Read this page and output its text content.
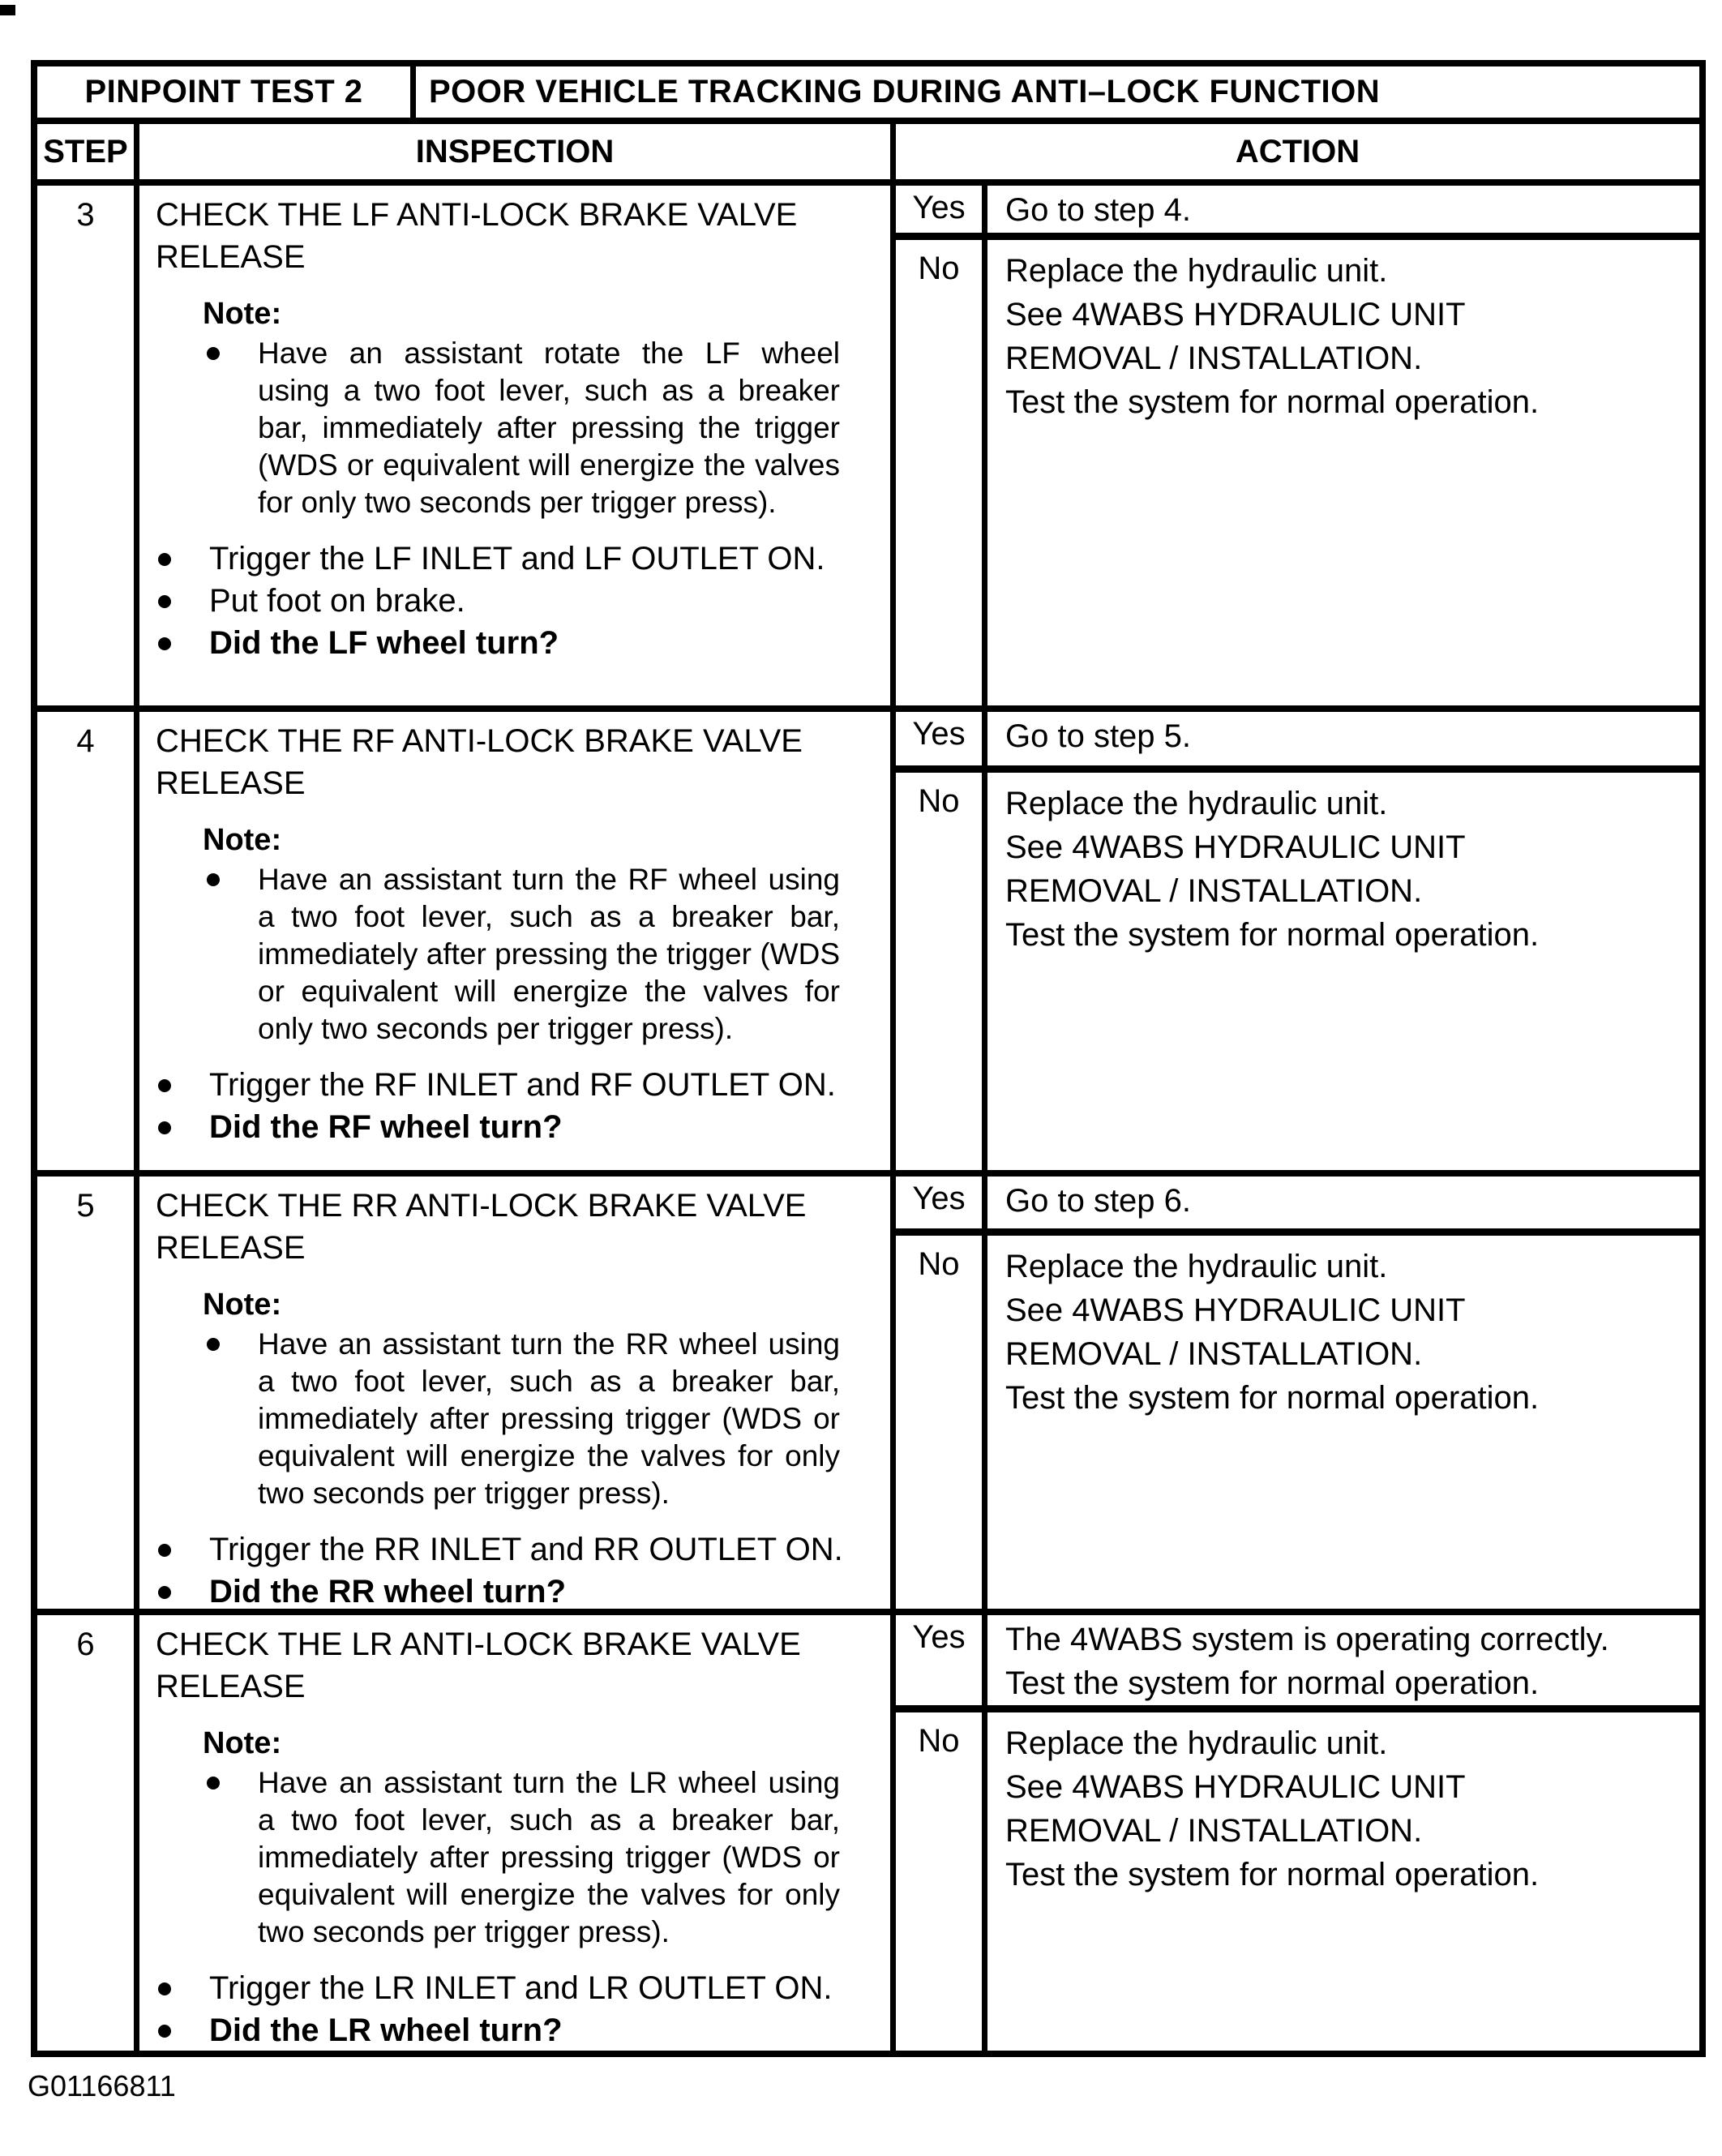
PINPOINT TEST 2 POOR VEHICLE TRACKING DURING ANTI–LOCK FUNCTION
STEP	INSPECTION	ACTION
3	CHECK THE LF ANTI-LOCK BRAKE VALVE RELEASE
Note:
Have an assistant rotate the LF wheel using a two foot lever, such as a breaker bar, immediately after pressing the trigger (WDS or equivalent will energize the valves for only two seconds per trigger press).
Trigger the LF INLET and LF OUTLET ON.
Put foot on brake.
Did the LF wheel turn?
Yes	Go to step 4.
No	Replace the hydraulic unit.
See 4WABS HYDRAULIC UNIT
REMOVAL / INSTALLATION.
Test the system for normal operation.
4	CHECK THE RF ANTI-LOCK BRAKE VALVE RELEASE
Note:
Have an assistant turn the RF wheel using a two foot lever, such as a breaker bar, immediately after pressing the trigger (WDS or equivalent will energize the valves for only two seconds per trigger press).
Trigger the RF INLET and RF OUTLET ON.
Did the RF wheel turn?
Yes	Go to step 5.
No	Replace the hydraulic unit.
See 4WABS HYDRAULIC UNIT
REMOVAL / INSTALLATION.
Test the system for normal operation.
5	CHECK THE RR ANTI-LOCK BRAKE VALVE RELEASE
Note:
Have an assistant turn the RR wheel using a two foot lever, such as a breaker bar, immediately after pressing trigger (WDS or equivalent will energize the valves for only two seconds per trigger press).
Trigger the RR INLET and RR OUTLET ON.
Did the RR wheel turn?
Yes	Go to step 6.
No	Replace the hydraulic unit.
See 4WABS HYDRAULIC UNIT
REMOVAL / INSTALLATION.
Test the system for normal operation.
6	CHECK THE LR ANTI-LOCK BRAKE VALVE RELEASE
Note:
Have an assistant turn the LR wheel using a two foot lever, such as a breaker bar, immediately after pressing trigger (WDS or equivalent will energize the valves for only two seconds per trigger press).
Trigger the LR INLET and LR OUTLET ON.
Did the LR wheel turn?
Yes	The 4WABS system is operating correctly.
Test the system for normal operation.
No	Replace the hydraulic unit.
See 4WABS HYDRAULIC UNIT
REMOVAL / INSTALLATION.
Test the system for normal operation.
G01166811
